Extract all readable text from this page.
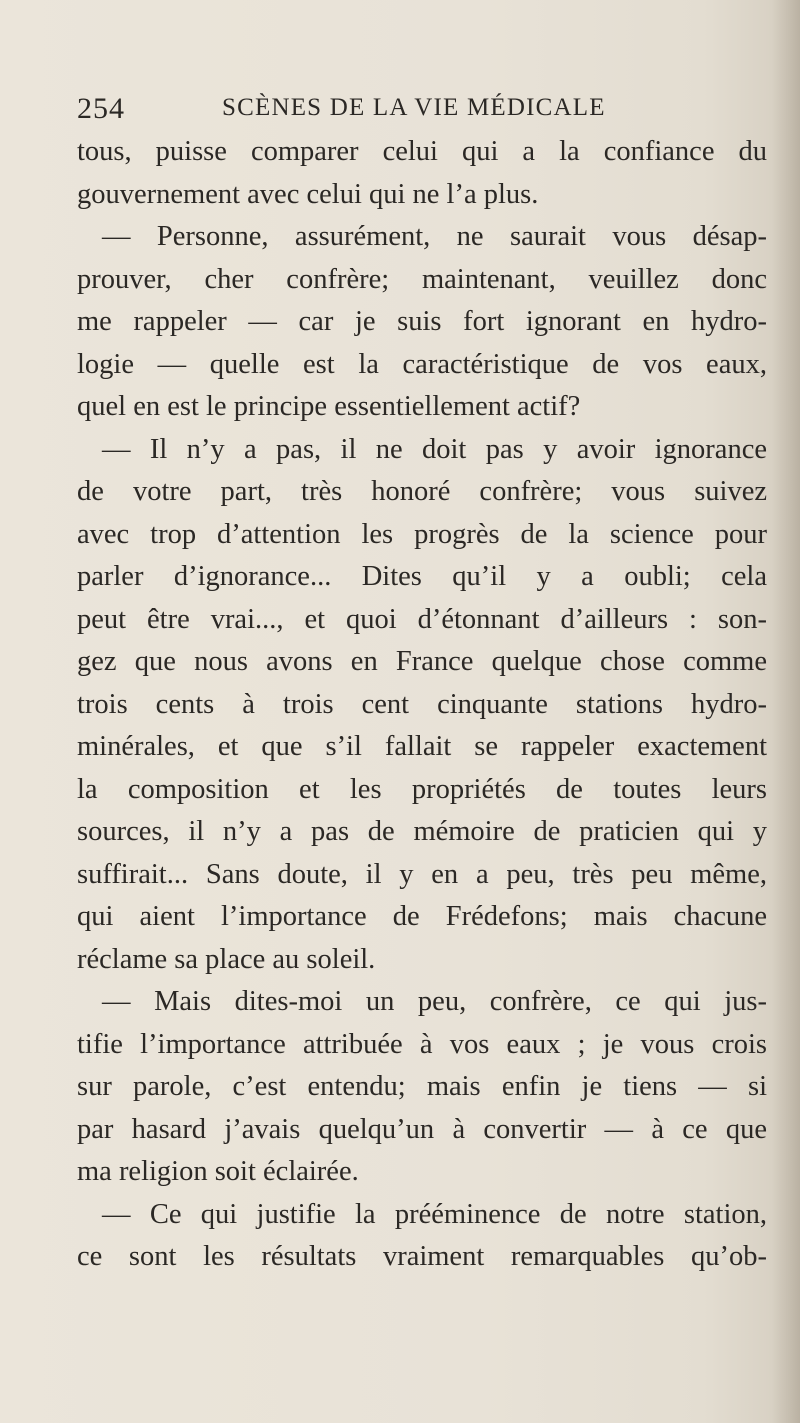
254	SCÈNES DE LA VIE MÉDICALE
tous, puisse comparer celui qui a la confiance du
gouvernement avec celui qui ne l’a plus.
— Personne, assurément, ne saurait vous désap-
prouver, cher confrère; maintenant, veuillez donc
me rappeler — car je suis fort ignorant en hydro-
logie — quelle est la caractéristique de vos eaux,
quel en est le principe essentiellement actif?
— Il n’y a pas, il ne doit pas y avoir ignorance
de votre part, très honoré confrère; vous suivez
avec trop d’attention les progrès de la science pour
parler d’ignorance... Dites qu’il y a oubli; cela
peut être vrai..., et quoi d’étonnant d’ailleurs : son-
gez que nous avons en France quelque chose comme
trois cents à trois cent cinquante stations hydro-
minérales, et que s’il fallait se rappeler exactement
la composition et les propriétés de toutes leurs
sources, il n’y a pas de mémoire de praticien qui y
suffirait... Sans doute, il y en a peu, très peu même,
qui aient l’importance de Frédefons; mais chacune
réclame sa place au soleil.
— Mais dites-moi un peu, confrère, ce qui jus-
tifie l’importance attribuée à vos eaux ; je vous crois
sur parole, c’est entendu; mais enfin je tiens — si
par hasard j’avais quelqu’un à convertir — à ce que
ma religion soit éclairée.
— Ce qui justifie la prééminence de notre station,
ce sont les résultats vraiment remarquables qu’ob-
